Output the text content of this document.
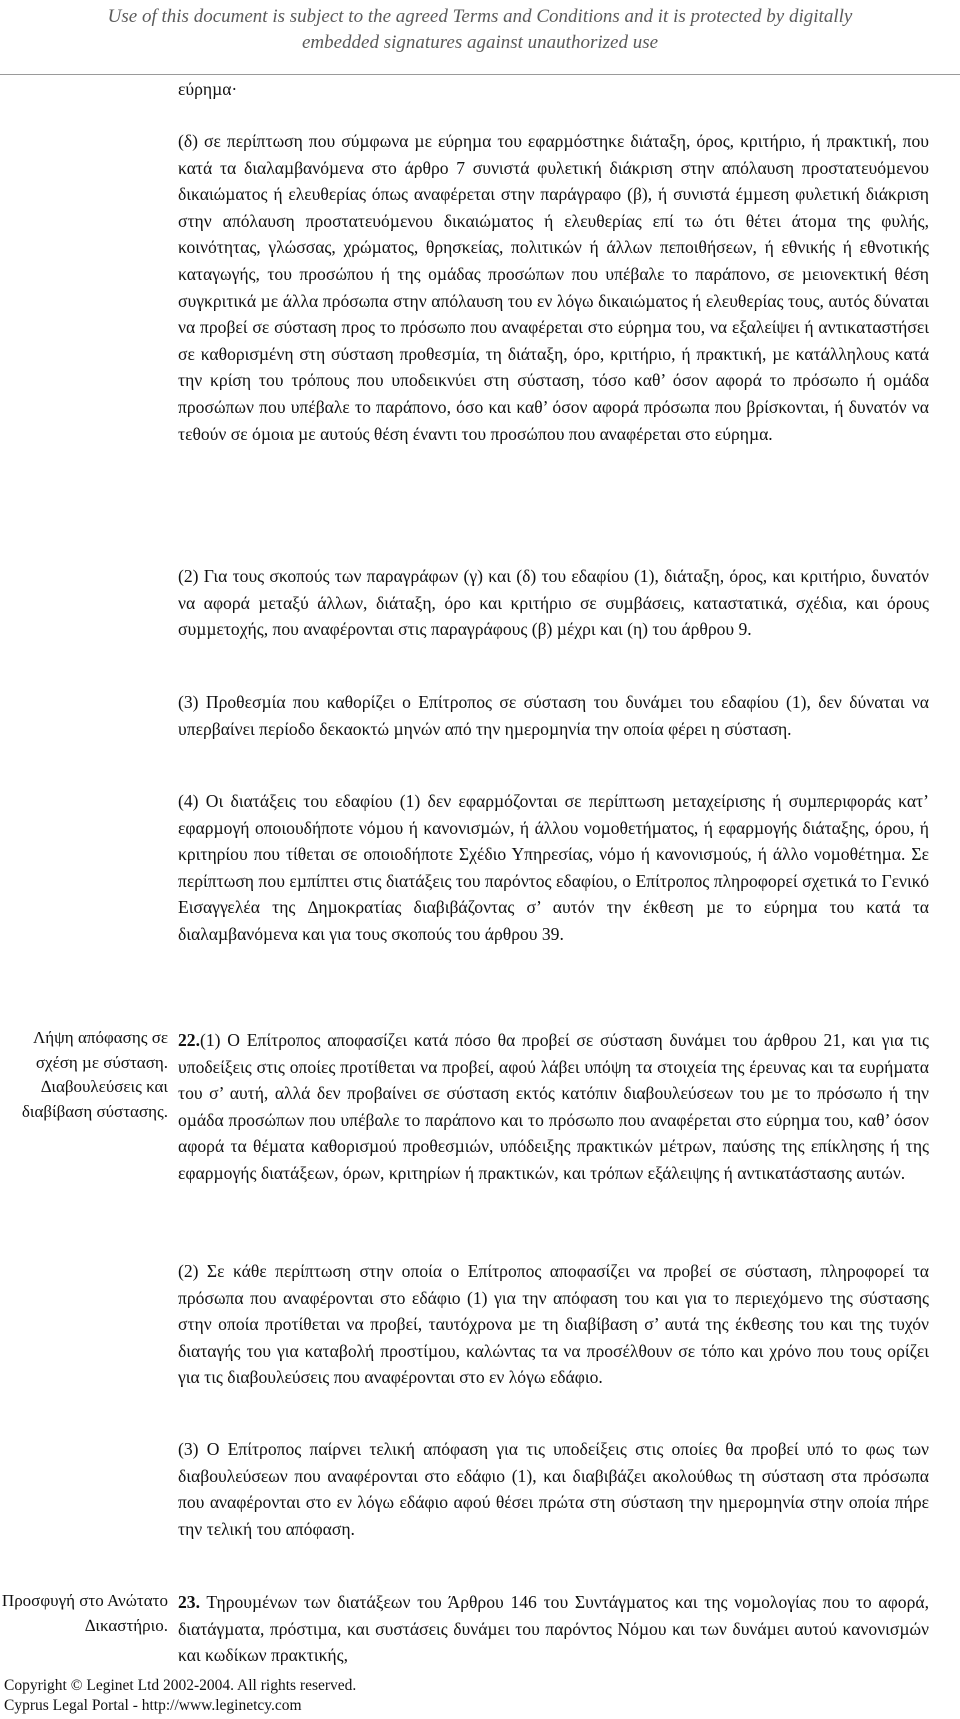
Use of this document is subject to the agreed Terms and Conditions and it is protected by digitally
embedded signatures against unauthorized use

εύρηµα·

(δ) σε περίπτωση που σύµφωνα µε εύρηµα του εφαρµόστηκε διάταξη, όρος, κριτήριο, ή πρακτική, που κατά τα διαλαµβανόµενα στο άρθρο 7 συνιστά φυλετική διάκριση στην απόλαυση προστατευόµενου δικαιώµατος ή ελευθερίας όπως αναφέρεται στην παράγραφο (β), ή συνιστά έµµεση φυλετική διάκριση στην απόλαυση προστατευόµενου δικαιώµατος ή ελευθερίας επί τω ότι θέτει άτοµα της φυλής, κοινότητας, γλώσσας, χρώµατος, θρησκείας, πολιτικών ή άλλων πεποιθήσεων, ή εθνικής ή εθνοτικής καταγωγής, του προσώπου ή της οµάδας προσώπων που υπέβαλε το παράπονο, σε µειονεκτική θέση συγκριτικά µε άλλα πρόσωπα στην απόλαυση του εν λόγω δικαιώµατος ή ελευθερίας τους, αυτός δύναται να προβεί σε σύσταση προς το πρόσωπο που αναφέρεται στο εύρηµα του, να εξαλείψει ή αντικαταστήσει σε καθορισµένη στη σύσταση προθεσµία, τη διάταξη, όρο, κριτήριο, ή πρακτική, µε κατάλληλους κατά την κρίση του τρόπους που υποδεικνύει στη σύσταση, τόσο καθ’ όσον αφορά το πρόσωπο ή οµάδα προσώπων που υπέβαλε το παράπονο, όσο και καθ’ όσον αφορά πρόσωπα που βρίσκονται, ή δυνατόν να τεθούν σε όµοια µε αυτούς θέση έναντι του προσώπου που αναφέρεται στο εύρηµα.

(2) Για τους σκοπούς των παραγράφων (γ) και (δ) του εδαφίου (1), διάταξη, όρος, και κριτήριο, δυνατόν να αφορά µεταξύ άλλων, διάταξη, όρο και κριτήριο σε συµβάσεις, καταστατικά, σχέδια, και όρους συµµετοχής, που αναφέρονται στις παραγράφους (β) µέχρι και (η) του άρθρου 9.

(3) Προθεσµία που καθορίζει ο Επίτροπος σε σύσταση του δυνάµει του εδαφίου (1), δεν δύναται να υπερβαίνει περίοδο δεκαοκτώ µηνών από την ηµεροµηνία την οποία φέρει η σύσταση.

(4) Οι διατάξεις του εδαφίου (1) δεν εφαρµόζονται σε περίπτωση µεταχείρισης ή συµπεριφοράς κατ’ εφαρµογή οποιουδήποτε νόµου ή κανονισµών, ή άλλου νοµοθετήµατος, ή εφαρµογής διάταξης, όρου, ή κριτηρίου που τίθεται σε οποιοδήποτε Σχέδιο Υπηρεσίας, νόµο ή κανονισµούς, ή άλλο νοµοθέτηµα. Σε περίπτωση που εµπίπτει στις διατάξεις του παρόντος εδαφίου, ο Επίτροπος πληροφορεί σχετικά το Γενικό Εισαγγελέα της ∆ηµοκρατίας διαβιβάζοντας σ’ αυτόν την έκθεση µε το εύρηµα του κατά τα διαλαµβανόµενα και για τους σκοπούς του άρθρου 39.

Λήψη απόφασης σε σχέση µε σύσταση. ∆ιαβουλεύσεις και διαβίβαση σύστασης.

22.(1) Ο Επίτροπος αποφασίζει κατά πόσο θα προβεί σε σύσταση δυνάµει του άρθρου 21, και για τις υποδείξεις στις οποίες προτίθεται να προβεί, αφού λάβει υπόψη τα στοιχεία της έρευνας και τα ευρήµατα του σ’ αυτή, αλλά δεν προβαίνει σε σύσταση εκτός κατόπιν διαβουλεύσεων του µε το πρόσωπο ή την οµάδα προσώπων που υπέβαλε το παράπονο και το πρόσωπο που αναφέρεται στο εύρηµα του, καθ’ όσον αφορά τα θέµατα καθορισµού προθεσµιών, υπόδειξης πρακτικών µέτρων, παύσης της επίκλησης ή της εφαρµογής διατάξεων, όρων, κριτηρίων ή πρακτικών, και τρόπων εξάλειψης ή αντικατάστασης αυτών.

(2) Σε κάθε περίπτωση στην οποία ο Επίτροπος αποφασίζει να προβεί σε σύσταση, πληροφορεί τα πρόσωπα που αναφέρονται στο εδάφιο (1) για την απόφαση του και για το περιεχόµενο της σύστασης στην οποία προτίθεται να προβεί, ταυτόχρονα µε τη διαβίβαση σ’ αυτά της έκθεσης του και της τυχόν διαταγής του για καταβολή προστίµου, καλώντας τα να προσέλθουν σε τόπο και χρόνο που τους ορίζει για τις διαβουλεύσεις που αναφέρονται στο εν λόγω εδάφιο.

(3) Ο Επίτροπος παίρνει τελική απόφαση για τις υποδείξεις στις οποίες θα προβεί υπό το φως των διαβουλεύσεων που αναφέρονται στο εδάφιο (1), και διαβιβάζει ακολούθως τη σύσταση στα πρόσωπα που αναφέρονται στο εν λόγω εδάφιο αφού θέσει πρώτα στη σύσταση την ηµεροµηνία στην οποία πήρε την τελική του απόφαση.

Προσφυγή στο Ανώτατο ∆ικαστήριο.

23. Τηρουµένων των διατάξεων του Άρθρου 146 του Συντάγµατος και της νοµολογίας που το αφορά, διατάγµατα, πρόστιµα, και συστάσεις δυνάµει του παρόντος Νόµου και των δυνάµει αυτού κανονισµών και κωδίκων πρακτικής,

Copyright © Leginet Ltd 2002-2004. All rights reserved.
Cyprus Legal Portal - http://www.leginetcy.com
